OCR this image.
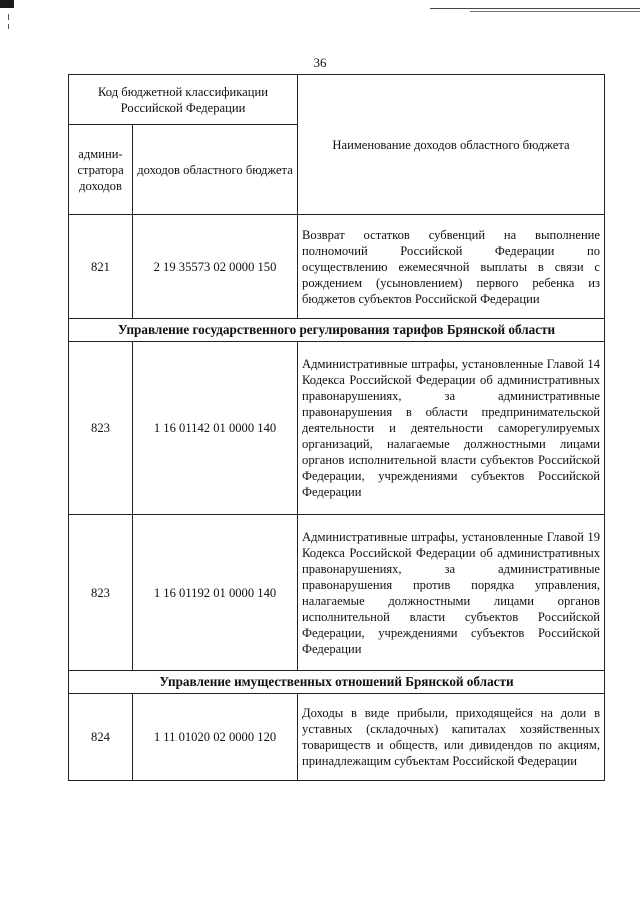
36
Код бюджетной классификации Российской Федерации		Наименование доходов областного бюджета
админи-стратора доходов	доходов областного бюджета	
821	2 19 35573 02 0000 150	Возврат остатков субвенций на выполнение полномочий Российской Федерации по осуществлению ежемесячной выплаты в связи с рождением (усыновлением) первого ребенка из бюджетов субъектов Российской Федерации
Управление государственного регулирования тарифов Брянской области		
823	1 16 01142 01 0000 140	Административные штрафы, установленные Главой 14 Кодекса Российской Федерации об административных правонарушениях, за административные правонарушения в области предпринимательской деятельности и деятельности саморегулируемых организаций, налагаемые должностными лицами органов исполнительной власти субъектов Российской Федерации, учреждениями субъектов Российской Федерации
823	1 16 01192 01 0000 140	Административные штрафы, установленные Главой 19 Кодекса Российской Федерации об административных правонарушениях, за административные правонарушения против порядка управления, налагаемые должностными лицами органов исполнительной власти субъектов Российской Федерации, учреждениями субъектов Российской Федерации
Управление имущественных отношений Брянской области		
824	1 11 01020 02 0000 120	Доходы в виде прибыли, приходящейся на доли в уставных (складочных) капиталах хозяйственных товариществ и обществ, или дивидендов по акциям, принадлежащим субъектам Российской Федерации
